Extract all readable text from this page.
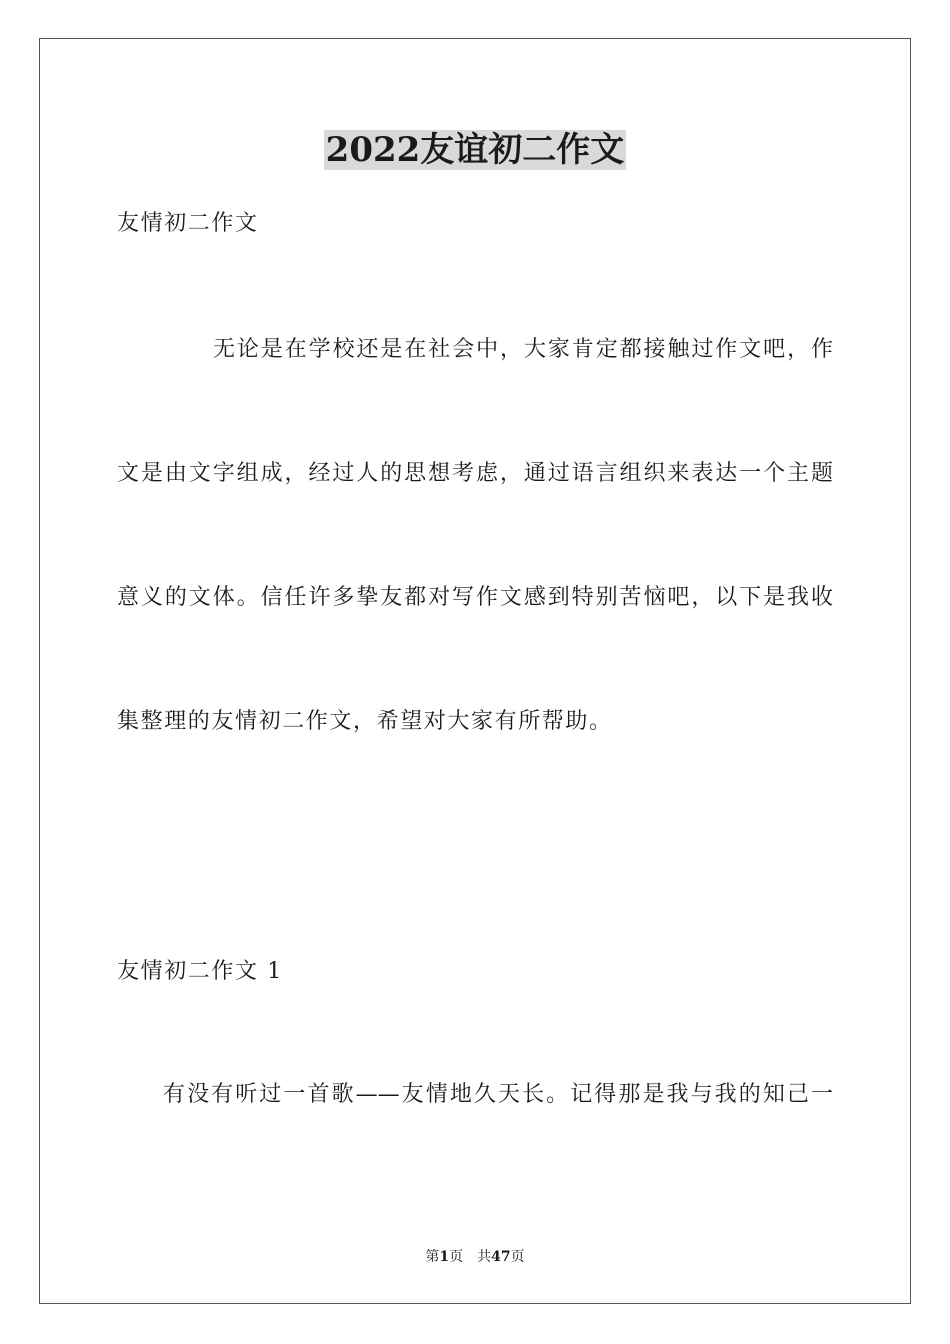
2022友谊初二作文
友情初二作文
无论是在学校还是在社会中，大家肯定都接触过作文吧，作
文是由文字组成，经过人的思想考虑，通过语言组织来表达一个主题
意义的文体。信任许多挚友都对写作文感到特别苦恼吧，以下是我收
集整理的友情初二作文，希望对大家有所帮助。
友情初二作文 1
有没有听过一首歌——友情地久天长。记得那是我与我的知己一
第1页　共47页
